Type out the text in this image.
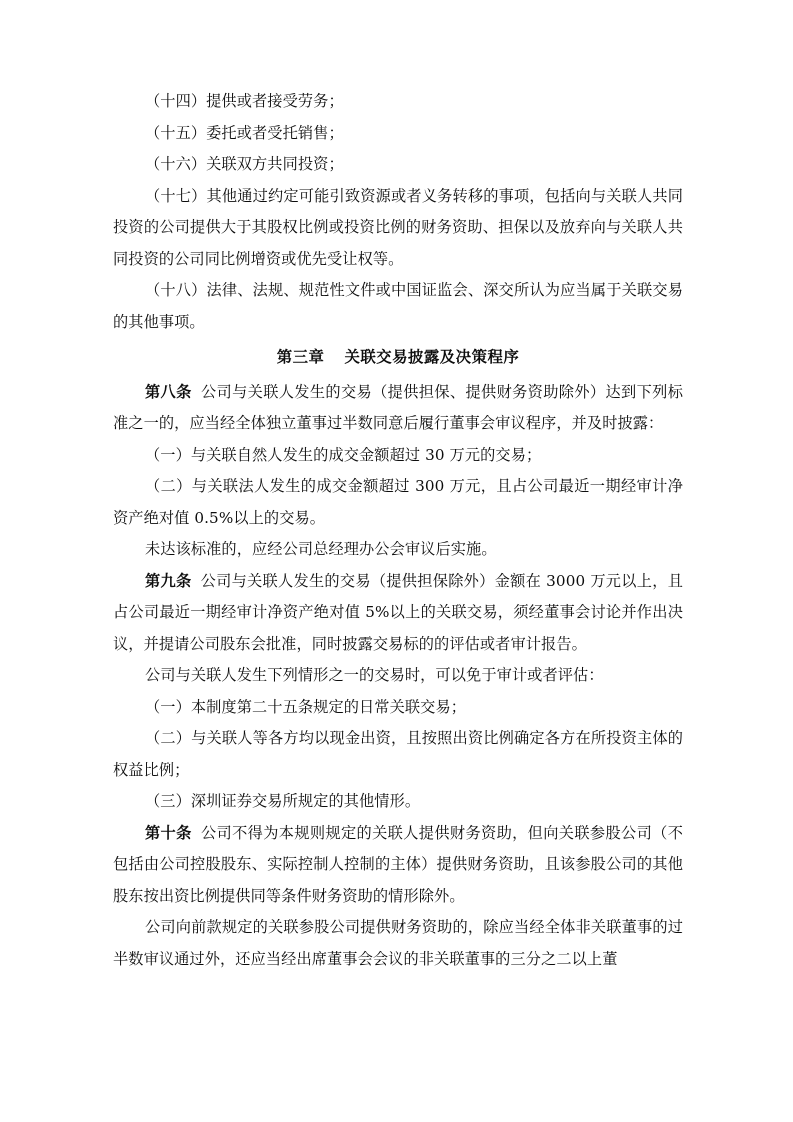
（十四）提供或者接受劳务；

（十五）委托或者受托销售；

（十六）关联双方共同投资；

（十七）其他通过约定可能引致资源或者义务转移的事项，包括向与关联人共同投资的公司提供大于其股权比例或投资比例的财务资助、担保以及放弃向与关联人共同投资的公司同比例增资或优先受让权等。

（十八）法律、法规、规范性文件或中国证监会、深交所认为应当属于关联交易的其他事项。

第三章 关联交易披露及决策程序

第八条 公司与关联人发生的交易（提供担保、提供财务资助除外）达到下列标准之一的，应当经全体独立董事过半数同意后履行董事会审议程序，并及时披露：

（一）与关联自然人发生的成交金额超过 30 万元的交易；

（二）与关联法人发生的成交金额超过 300 万元，且占公司最近一期经审计净资产绝对值 0.5%以上的交易。

未达该标准的，应经公司总经理办公会审议后实施。

第九条 公司与关联人发生的交易（提供担保除外）金额在 3000 万元以上，且占公司最近一期经审计净资产绝对值 5%以上的关联交易，须经董事会讨论并作出决议，并提请公司股东会批准，同时披露交易标的的评估或者审计报告。

公司与关联人发生下列情形之一的交易时，可以免于审计或者评估：

（一）本制度第二十五条规定的日常关联交易；

（二）与关联人等各方均以现金出资，且按照出资比例确定各方在所投资主体的权益比例；

（三）深圳证券交易所规定的其他情形。

第十条 公司不得为本规则规定的关联人提供财务资助，但向关联参股公司（不包括由公司控股股东、实际控制人控制的主体）提供财务资助，且该参股公司的其他股东按出资比例提供同等条件财务资助的情形除外。

公司向前款规定的关联参股公司提供财务资助的，除应当经全体非关联董事的过半数审议通过外，还应当经出席董事会会议的非关联董事的三分之二以上董
